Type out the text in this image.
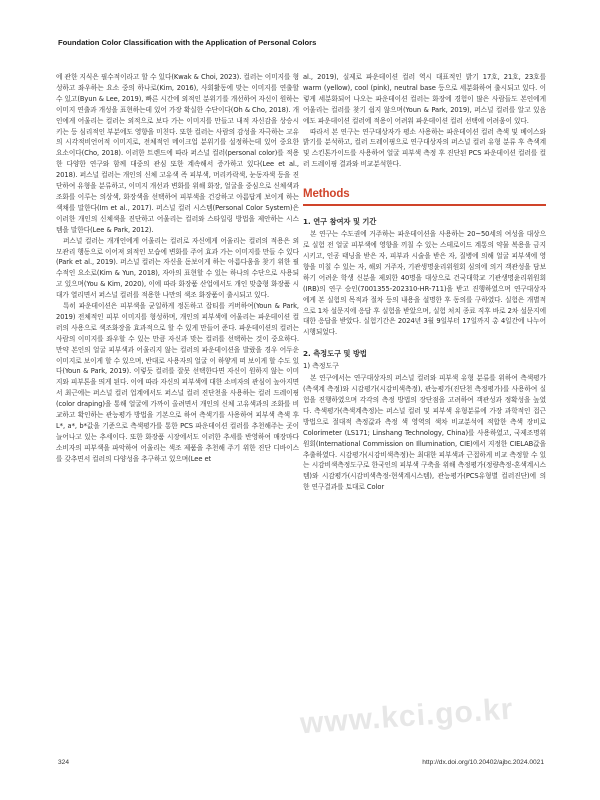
Foundation Color Classification with the Application of Personal Colors

에 관한 지식은 필수적이라고 할 수 있다(Kwak & Choi, 2023). 컬러는 이미지를 형성하고 좌우하는 요소 중의 하나로(Kim, 2016), 사회활동에 맞는 이미지를 연출할 수 있고(Byun & Lee, 2019), 빠른 시간에 외적인 분위기를 개선하여 자신이 원하는 이미지 연출과 개성을 표현하는데 있어 가장 확실한 수단이다(Oh & Cho, 2018). 개인에게 어울리는 컬러는 외적으로 보다 가는 이미지를 만들고 내적 자신감을 상승시키는 등 심리적인 부분에도 영향을 미친다. 또한 컬러는 사람의 감성을 자극하는 고유의 시각적비언어적 이미지로, 전체적인 메이크업 분위기를 설정하는데 있어 중요한 요소이다(Cho, 2018). 이러한 트렌드에 따라 퍼스널 컬러(personal color)를 적용한 다양한 연구와 함께 대중의 관심 또한 계속해서 증가하고 있다(Lee et al., 2018). 퍼스널 컬러는 개인의 신체 고유색 즉 피부색, 머리카락색, 눈동자색 등을 진단하여 유형을 분류하고, 이미지 개선과 변화를 위해 화장, 얼굴을 중심으로 신체색과 조화를 이루는 의상색, 화장색을 선택하여 피부색을 건강하고 아름답게 보이게 하는 색채를 말한다(Im et al., 2017). 퍼스널 컬러 시스템(Personal Color System)은 이러한 개인의 신체색을 진단하고 어울리는 컬러와 스타일링 방법을 제안하는 시스템을 말한다(Lee & Park, 2012).

퍼스널 컬러는 개개인에게 어울리는 컬러로 자신에게 어울리는 컬러의 적용은 외모관리 행동으로 이어져 외적인 모습에 변화를 주어 효과 가는 이미지를 만들 수 있다(Park et al., 2019). 퍼스널 컬러는 자신을 돋보이게 하는 아름다움을 찾기 위한 필수적인 요소로(Kim & Yun, 2018), 자아의 표현할 수 있는 하나의 수단으로 사용되고 있으며(You & Kim, 2020), 이에 따라 화장품 산업에서도 개인 맞춤형 화장품 시대가 열리면서 퍼스널 컬러를 적용한 나만의 색조 화장품이 출시되고 있다.

특히 파운데이션은 피부색을 균일하게 정돈하고 잡티를 커버하여(Youn & Park, 2019) 전체적인 피부 이미지를 형성하며, 개인의 피부색에 어울리는 파운데이션 컬러의 사용으로 색조화장을 효과적으로 할 수 있게 만들어 준다. 파운데이션의 컬러는 사람의 이미지를 좌우할 수 있는 만큼 자신과 맞는 컬러를 선택하는 것이 중요하다. 만약 본인의 얼굴 피부색과 어울리지 않는 컬러의 파운데이션을 발랐을 경우 어두운 이미지로 보이게 할 수 있으며, 반대로 사용자의 얼굴 이 하얗게 떠 보이게 할 수도 있다(Youn & Park, 2019). 이렇듯 컬러를 잘못 선택한다면 자신이 원하지 않는 이미지와 피부톤을 띄게 된다. 이에 따라 자신의 피부색에 대한 소비자의 관심이 높아지면서 최근에는 퍼스널 컬러 업계에서도 퍼스널 컬러 진단천을 사용하는 컬러 드레이핑(color draping)을 통해 얼굴에 가까이 올려면서 개인의 신체 고유색과의 조화를 비교하고 확인하는 관능평가 방법을 기본으로 하여 측색기를 사용하여 피부색 측색 후 L*, a*, b*값을 기준으로 측색평가를 통한 PCS 파운데이션 컬러를 추천해주는 곳이 늘어나고 있는 추세이다. 또한 화장품 시장에서도 이러한 추세를 반영하여 매장마다 소비자의 피부색을 파악하여 어울리는 색조 제품을 추천해 주기 위한 진단 디바이스를 갖추면서 컬러의 다양성을 추구하고 있으며(Lee et

al., 2019), 실제로 파운데이션 컬러 역시 대표적인 밝기 17호, 21호, 23호를 warm (yellow), cool (pink), neutral base 등으로 세분화하여 출시되고 있다. 이렇게 세분화되어 나오는 파운데이션 컬러는 화장에 경험이 많은 사람들도 본인에게 어울리는 컬러를 찾기 쉽지 않으며(Youn & Park, 2019), 퍼스널 컬러를 알고 있음에도 파운데이션 컬러에 적용이 어려워 파운데이션 컬러 선택에 어려움이 있다.

따라서 본 연구는 연구대상자가 평소 사용하는 파운데이션 컬러 측색 및 베이스와 밝기를 분석하고, 컬러 드레이핑으로 연구대상자의 퍼스널 컬러 유형 분류 후 측색계 및 스킨톤가이드를 사용하여 얼굴 피부색 측정 후 진단된 PCS 파운데이션 컬러를 컬러 드레이핑 결과와 비교분석한다.

Methods
1. 연구 참여자 및 기간

본 연구는 수도권에 거주하는 파운데이션을 사용하는 20~50세의 여성을 대상으로 실험 전 얼굴 피부색에 영향을 끼칠 수 있는 스테로이드 계통의 약물 복용을 금지시키고, 인공 태닝을 받은 자, 피부과 시술을 받은 자, 질병에 의해 얼굴 피부색에 영향을 미칠 수 있는 자, 해외 거주자, 기관생명윤리위원회 심의에 의거 객관성을 담보하기 어려운 학생 신분을 제외한 40명을 대상으로 건국대학교 기관생명윤리위원회(IRB)의 연구 승인(7001355-202310-HR-711)을 받고 진행하였으며 연구대상자에게 본 실험의 목적과 절차 등의 내용을 설명한 후 동의를 구하였다. 실험은 개별적으로 1차 설문지에 응답 후 실험을 받았으며, 실험 처치 종료 직후 바로 2차 설문지에 대한 응답을 받았다. 실험기간은 2024년 3월 9일부터 17일까지 총 4일간에 나누어 시행되었다.

2. 측정도구 및 방법
1) 측정도구

본 연구에서는 연구대상자의 퍼스널 컬러와 피부색 유형 분류를 위하여 측색평가(측색계 측정)와 시감평가(시감비색측정), 관능평가(진단천 측정평가)를 사용하여 실험을 진행하였으며 각각의 측정 방법의 장단점을 고려하여 객관성과 정확성을 높였다. 측색평가(측색계측정)는 퍼스널 컬러 및 피부색 유형분류에 가장 과학적인 접근 방법으로 절대적 측정값과 측정 색 영역의 색차 비교분석에 적합한 측색 장비로 Colorimeter (LS171; Linshang Technology, China)를 사용하였고, 국제조명위원회(International Commission on Illumination, CIE)에서 지정한 CIELAB값을 추출하였다. 시감평가(시감비색측정)는 최대한 피부색과 근접하게 비교 측정할 수 있는 시감비색측정도구로 한국인의 피부색 구축을 위해 측정평가(정량측정-혼색계시스템)와 시감평가(시감비색측정-현색계시스템), 관능평가(PCS유형별 컬러진단)에 의한 연구결과를 토대로 Color

www.kci.go.kr
324	http://dx.doi.org/10.20402/ajbc.2024.0021
